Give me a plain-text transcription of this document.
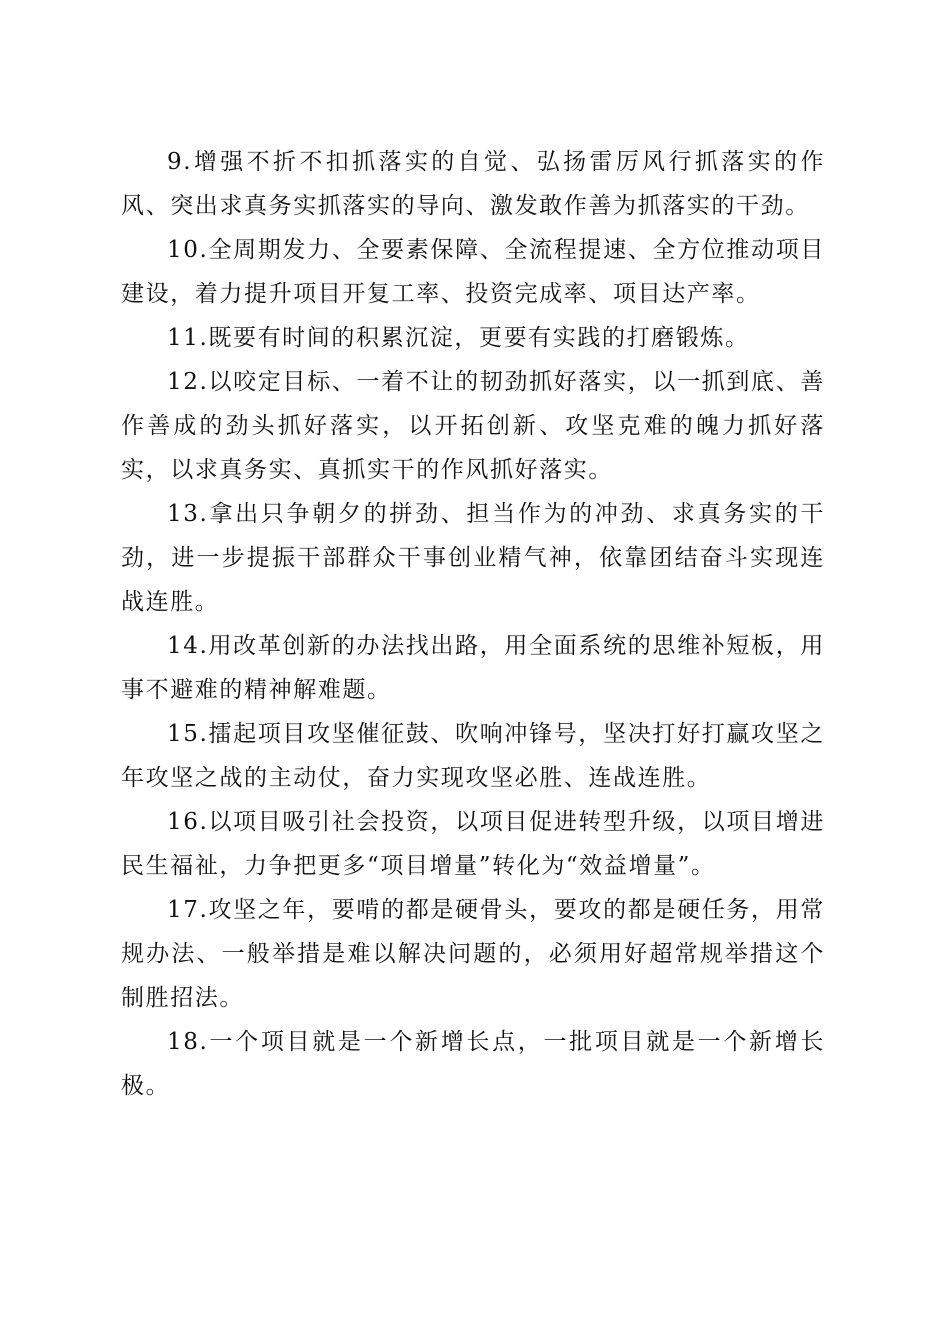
9.增强不折不扣抓落实的自觉、弘扬雷厉风行抓落实的作风、突出求真务实抓落实的导向、激发敢作善为抓落实的干劲。

10.全周期发力、全要素保障、全流程提速、全方位推动项目建设，着力提升项目开复工率、投资完成率、项目达产率。

11.既要有时间的积累沉淀，更要有实践的打磨锻炼。

12.以咬定目标、一着不让的韧劲抓好落实，以一抓到底、善作善成的劲头抓好落实，以开拓创新、攻坚克难的魄力抓好落实，以求真务实、真抓实干的作风抓好落实。

13.拿出只争朝夕的拼劲、担当作为的冲劲、求真务实的干劲，进一步提振干部群众干事创业精气神，依靠团结奋斗实现连战连胜。

14.用改革创新的办法找出路，用全面系统的思维补短板，用事不避难的精神解难题。

15.擂起项目攻坚催征鼓、吹响冲锋号，坚决打好打赢攻坚之年攻坚之战的主动仗，奋力实现攻坚必胜、连战连胜。

16.以项目吸引社会投资，以项目促进转型升级，以项目增进民生福祉，力争把更多“项目增量”转化为“效益增量”。

17.攻坚之年，要啃的都是硬骨头，要攻的都是硬任务，用常规办法、一般举措是难以解决问题的，必须用好超常规举措这个制胜招法。

18.一个项目就是一个新增长点，一批项目就是一个新增长极。
